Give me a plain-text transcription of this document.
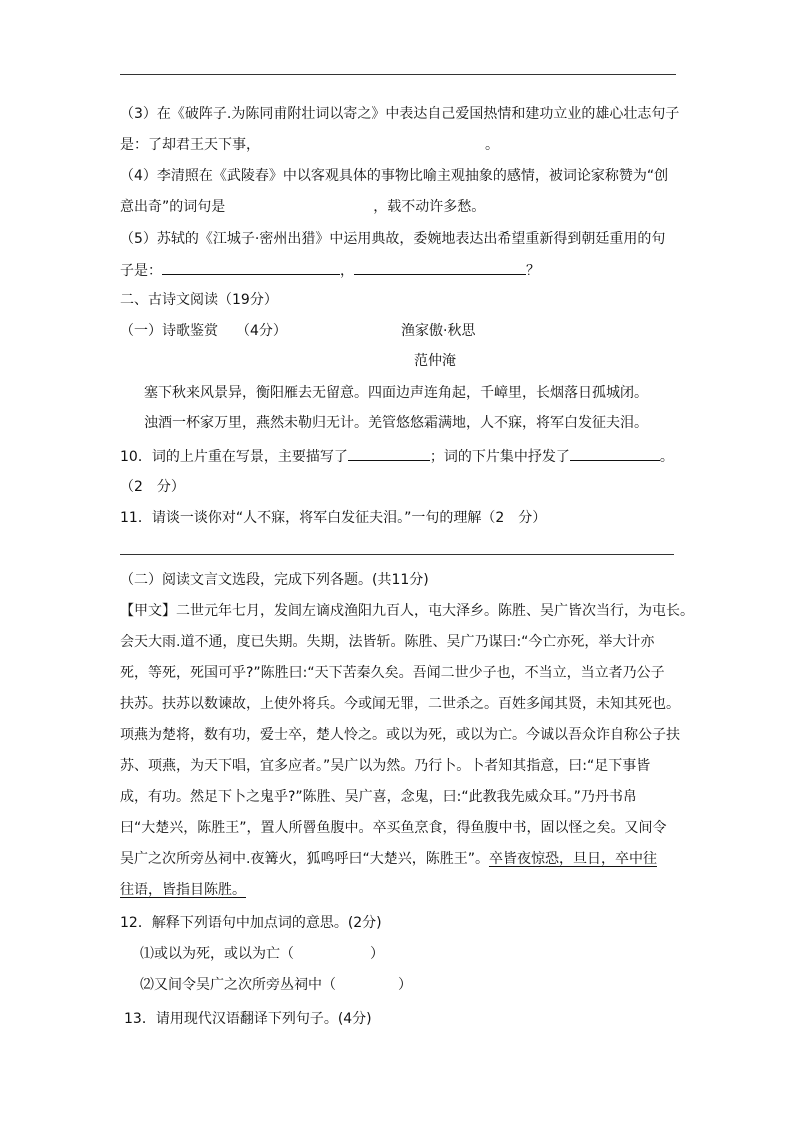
（3）在《破阵子.为陈同甫附壮词以寄之》中表达自己爱国热情和建功立业的雄心壮志句子
是：了却君王天下事，	。
（4）李清照在《武陵春》中以客观具体的事物比喻主观抽象的感情，被词论家称赞为“创
意出奇”的词句是	，载不动许多愁。
（5）苏轼的《江城子·密州出猎》中运用典故，委婉地表达出希望重新得到朝廷重用的句
子是：	，	？
二、古诗文阅读（19分）
（一）诗歌鉴赏 （4分）	渔家傲·秋思
范仲淹
塞下秋来风景异，衡阳雁去无留意。四面边声连角起，千嶂里，长烟落日孤城闭。
浊酒一杯家万里，燕然未勒归无计。羌管悠悠霜满地，人不寐，将军白发征夫泪。
10．词的上片重在写景，主要描写了	；词的下片集中抒发了	。
（2　分）
11．请谈一谈你对“人不寐，将军白发征夫泪。”一句的理解（2　分）
（二）阅读文言文选段，完成下列各题。(共11分)
【甲文】二世元年七月，发闾左谪戍渔阳九百人，屯大泽乡。陈胜、吴广皆次当行，为屯长。
会天大雨.道不通，度已失期。失期，法皆斩。陈胜、吴广乃谋曰:“今亡亦死，举大计亦
死，等死，死国可乎?”陈胜曰:“天下苦秦久矣。吾闻二世少子也，不当立，当立者乃公子
扶苏。扶苏以数谏故，上使外将兵。今或闻无罪，二世杀之。百姓多闻其贤，未知其死也。
项燕为楚将，数有功，爱士卒，楚人怜之。或以为死，或以为亡。今诚以吾众诈自称公子扶
苏、项燕，为天下唱，宜多应者。”吴广以为然。乃行卜。卜者知其指意，曰:“足下事皆
成，有功。然足下卜之鬼乎?”陈胜、吴广喜，念鬼，曰:“此教我先威众耳。”乃丹书帛
曰“大楚兴，陈胜王”，置人所罾鱼腹中。卒买鱼烹食，得鱼腹中书，固以怪之矣。又间令
吴广之次所旁丛祠中.夜篝火，狐鸣呼曰“大楚兴，陈胜王”。卒皆夜惊恐，旦日，卒中往
往语，皆指目陈胜。
12．解释下列语句中加点词的意思。(2分)
⑴或以为死，或以为亡（	）
⑵又间令吴广之次所旁丛祠中（	）
13．请用现代汉语翻译下列句子。(4分)
